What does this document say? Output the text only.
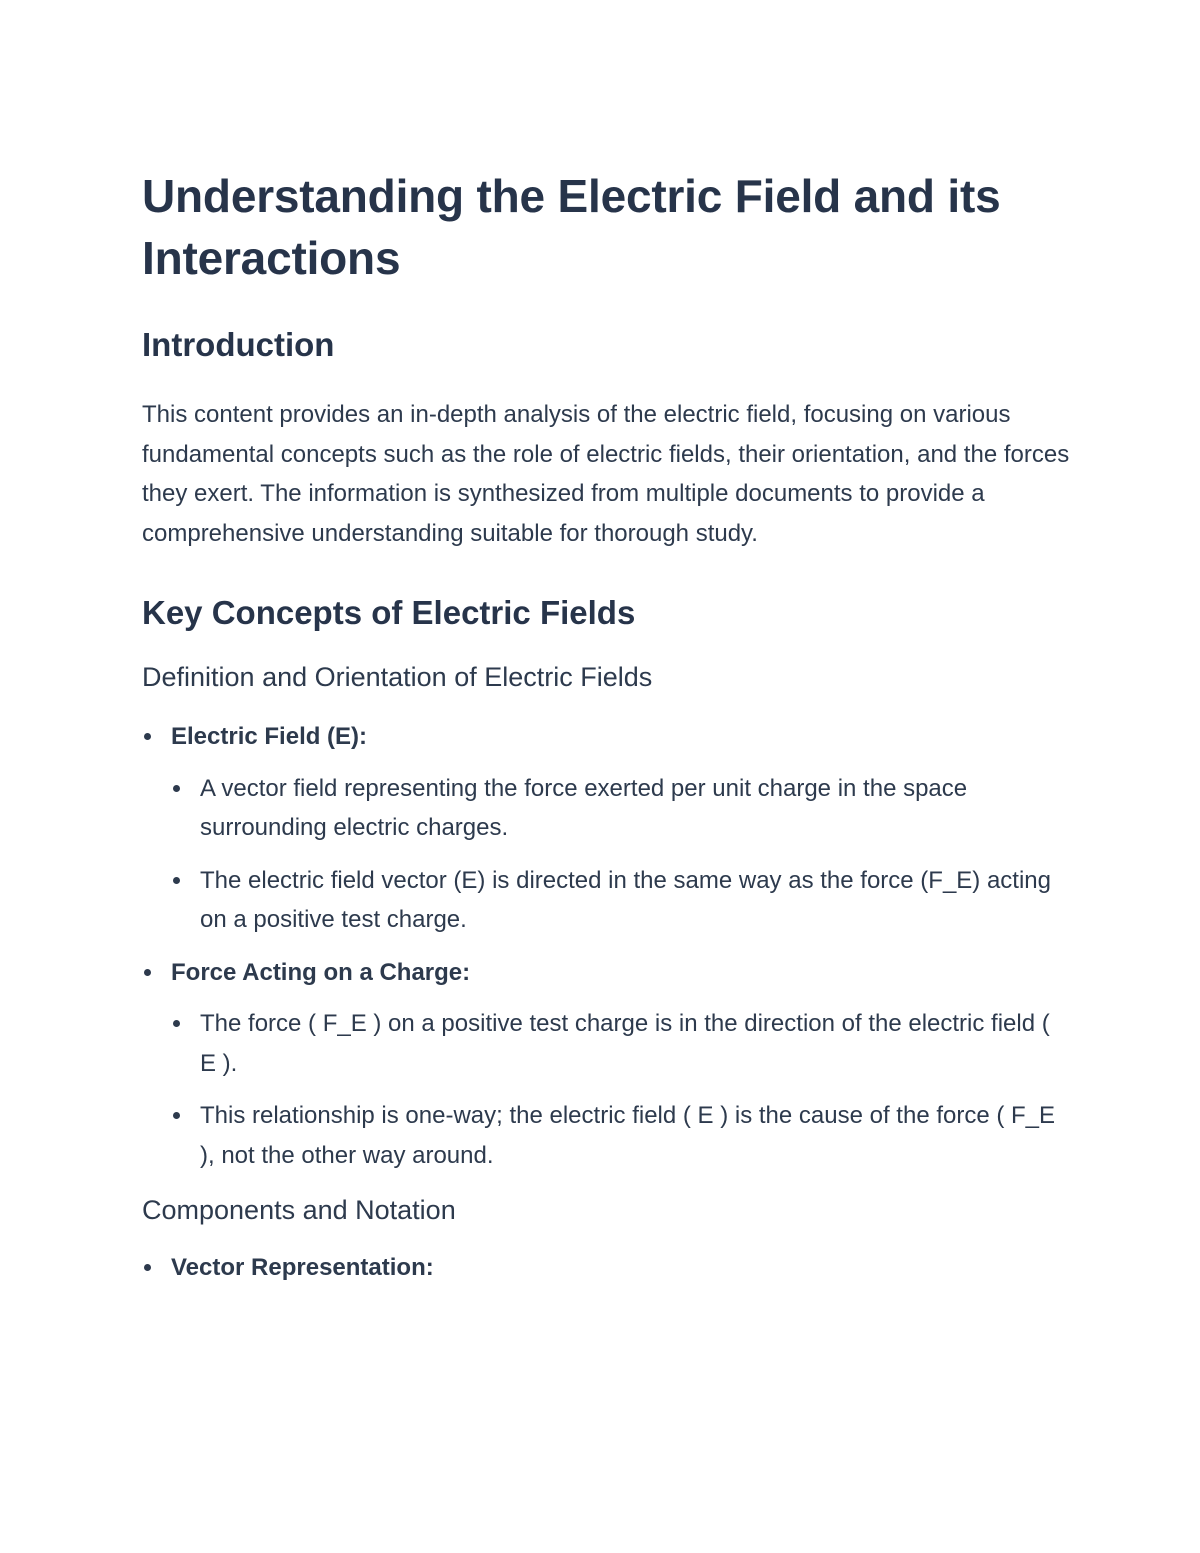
Understanding the Electric Field and its Interactions
Introduction

This content provides an in-depth analysis of the electric field, focusing on various fundamental concepts such as the role of electric fields, their orientation, and the forces they exert. The information is synthesized from multiple documents to provide a comprehensive understanding suitable for thorough study.

Key Concepts of Electric Fields
Definition and Orientation of Electric Fields
Electric Field (E):
A vector field representing the force exerted per unit charge in the space surrounding electric charges.
The electric field vector (E) is directed in the same way as the force (F_E) acting on a positive test charge.
Force Acting on a Charge:
The force ( F_E ) on a positive test charge is in the direction of the electric field ( E ).
This relationship is one-way; the electric field ( E ) is the cause of the force ( F_E ), not the other way around.
Components and Notation
Vector Representation:
